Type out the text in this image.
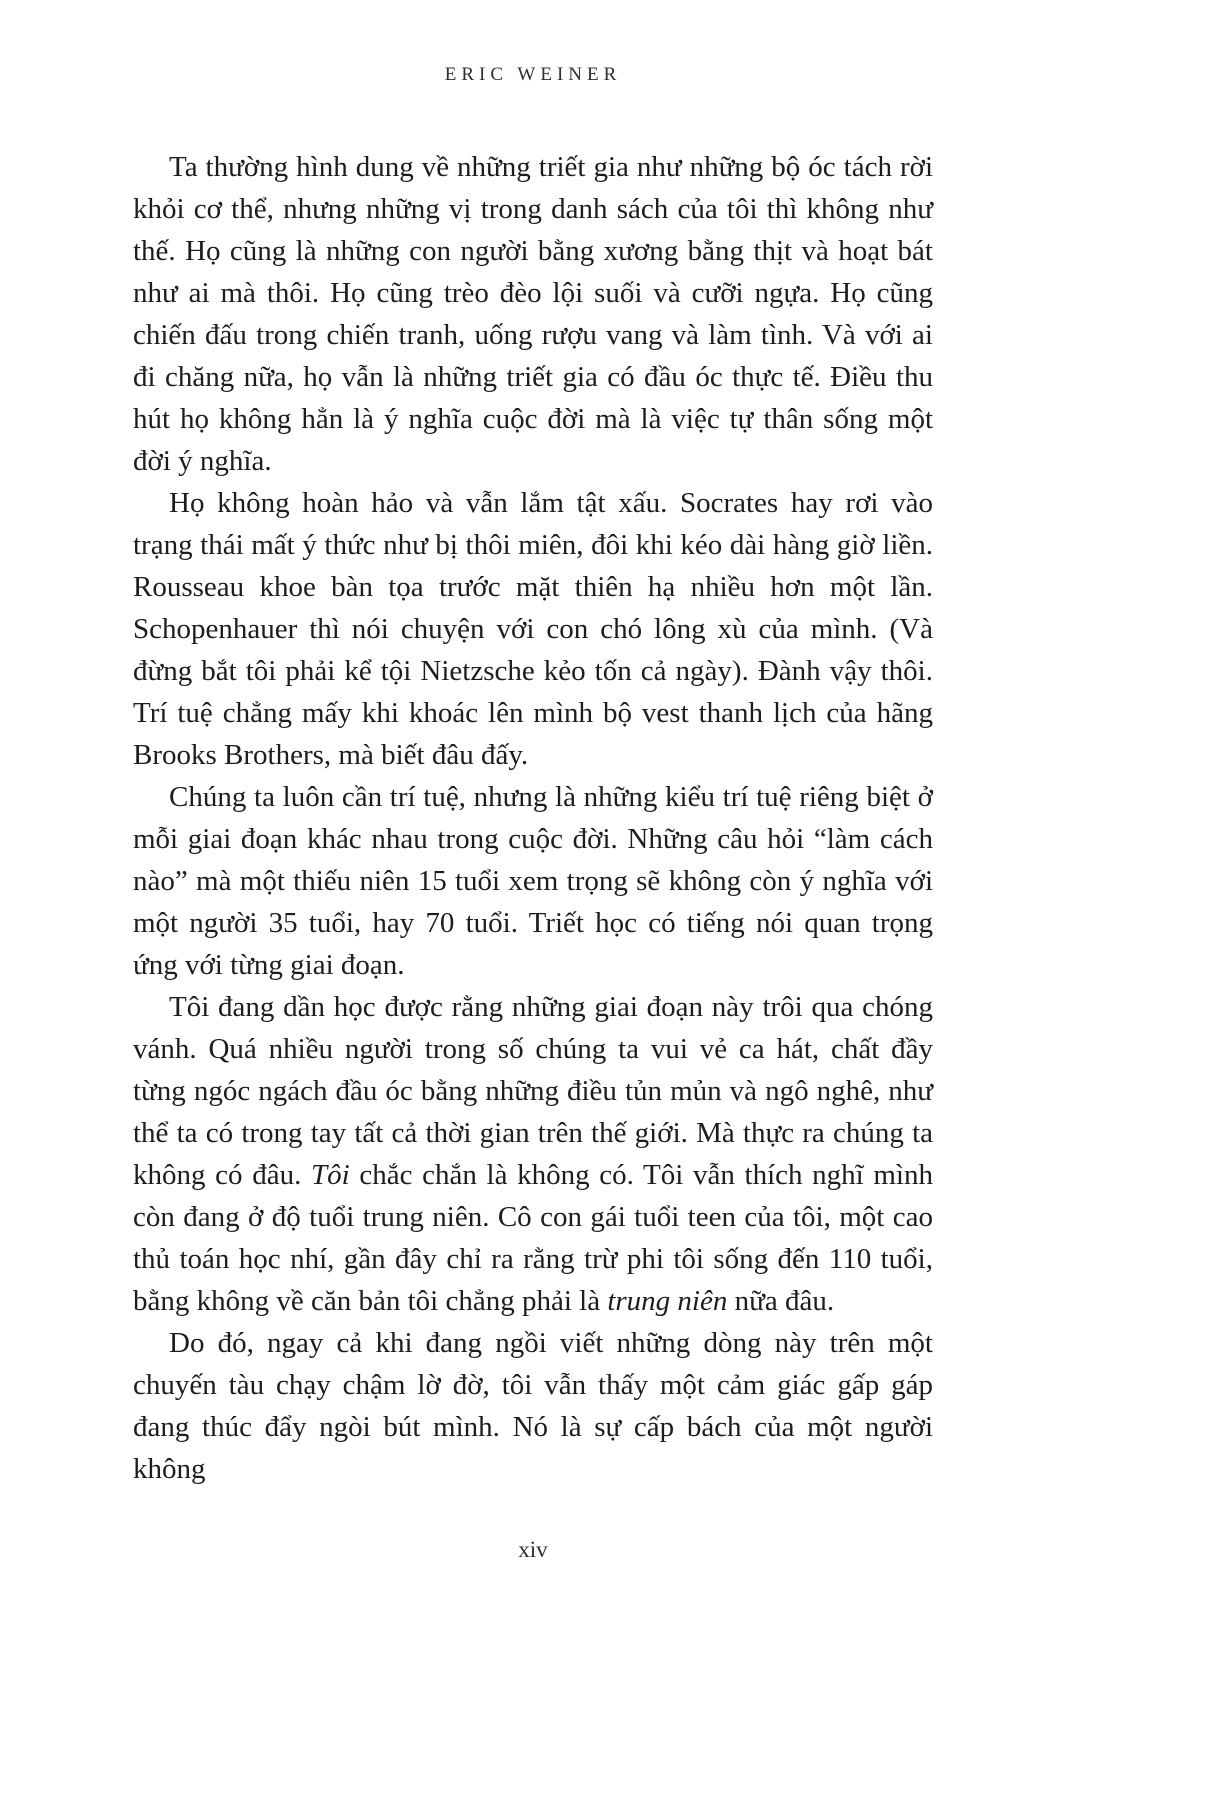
ERIC WEINER

Ta thường hình dung về những triết gia như những bộ óc tách rời khỏi cơ thể, nhưng những vị trong danh sách của tôi thì không như thế. Họ cũng là những con người bằng xương bằng thịt và hoạt bát như ai mà thôi. Họ cũng trèo đèo lội suối và cưỡi ngựa. Họ cũng chiến đấu trong chiến tranh, uống rượu vang và làm tình. Và với ai đi chăng nữa, họ vẫn là những triết gia có đầu óc thực tế. Điều thu hút họ không hẳn là ý nghĩa cuộc đời mà là việc tự thân sống một đời ý nghĩa.

Họ không hoàn hảo và vẫn lắm tật xấu. Socrates hay rơi vào trạng thái mất ý thức như bị thôi miên, đôi khi kéo dài hàng giờ liền. Rousseau khoe bàn tọa trước mặt thiên hạ nhiều hơn một lần. Schopenhauer thì nói chuyện với con chó lông xù của mình. (Và đừng bắt tôi phải kể tội Nietzsche kẻo tốn cả ngày). Đành vậy thôi. Trí tuệ chẳng mấy khi khoác lên mình bộ vest thanh lịch của hãng Brooks Brothers, mà biết đâu đấy.

Chúng ta luôn cần trí tuệ, nhưng là những kiểu trí tuệ riêng biệt ở mỗi giai đoạn khác nhau trong cuộc đời. Những câu hỏi “làm cách nào” mà một thiếu niên 15 tuổi xem trọng sẽ không còn ý nghĩa với một người 35 tuổi, hay 70 tuổi. Triết học có tiếng nói quan trọng ứng với từng giai đoạn.

Tôi đang dần học được rằng những giai đoạn này trôi qua chóng vánh. Quá nhiều người trong số chúng ta vui vẻ ca hát, chất đầy từng ngóc ngách đầu óc bằng những điều tủn mủn và ngô nghê, như thể ta có trong tay tất cả thời gian trên thế giới. Mà thực ra chúng ta không có đâu. Tôi chắc chắn là không có. Tôi vẫn thích nghĩ mình còn đang ở độ tuổi trung niên. Cô con gái tuổi teen của tôi, một cao thủ toán học nhí, gần đây chỉ ra rằng trừ phi tôi sống đến 110 tuổi, bằng không về căn bản tôi chẳng phải là trung niên nữa đâu.

Do đó, ngay cả khi đang ngồi viết những dòng này trên một chuyến tàu chạy chậm lờ đờ, tôi vẫn thấy một cảm giác gấp gáp đang thúc đẩy ngòi bút mình. Nó là sự cấp bách của một người không

xiv
